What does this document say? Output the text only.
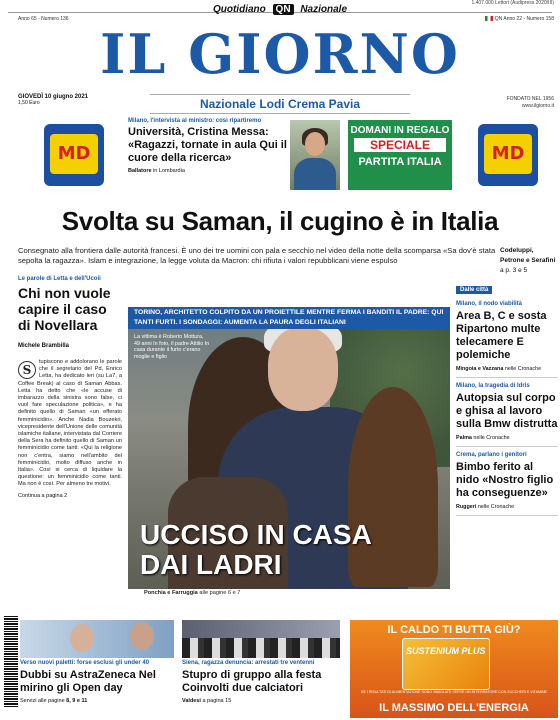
Quotidiano QN Nazionale
1.407.000 Lettori (Audipress 2020/III)
Anno 65 - Numero 136	QN Anno 22 - Numero 158
IL GIORNO
GIOVEDÌ 10 giugno 2021
1,50 Euro	Nazionale Lodi Crema Pavia	FONDATO NEL 1956
www.ilgiorno.it
MD	MD
Milano, l'intervista al ministro: così ripartiremo
Università, Cristina Messa: «Ragazzi, tornate in aula Qui il cuore della ricerca»
Ballatore in Lombardia
DOMANI IN REGALO
SPECIALE
PARTITA ITALIA
Svolta su Saman, il cugino è in Italia
Consegnato alla frontiera dalle autorità francesi. È uno dei tre uomini con pala e secchio nel video della notte della scomparsa «Sa dov'è stata sepolta la ragazza». Islam e integrazione, la legge voluta da Macron: chi rifiuta i valori repubblicani viene espulso
Codeluppi, Petrone e Serafini a p. 3 e 5
Le parole di Letta e dell'Ucoii
Chi non vuole capire il caso di Novellara
Michele Brambilla
S
tupiscono e addolorano le parole che il segretario del Pd, Enrico Letta, ha dedicato ieri (su La7, a Coffee Break) al caso di Saman Abbas. Letta ha detto che «le accuse di imbarazzo della sinistra sono false, ci vuol fare speculazione politica», e ha definito quello di Saman «un efferato femminicidio». Anche Nadia Bouzekri, vicepresidente dell'Unione delle comunità islamiche italiane, intervistata dal Corriere della Sera ha definito quello di Saman un femminicidio come tanti: «Qui la religione non c'entra, siamo nell'ambito del femminicidio, molto diffuso anche in Italia». Così si cerca di liquidare la questione: un femminicidio come tanti. Ma non è così. Per almeno tre motivi.
Continua a pagina 2
TORINO, ARCHITETTO COLPITO DA UN PROIETTILE MENTRE FERMA I BANDITI IL PADRE: QUI TANTI FURTI. I SONDAGGI: AUMENTA LA PAURA DEGLI ITALIANI
La vittima è Roberto Mottura, 49 anni In foto, il padre Attilio In casa durante il furto c'erano moglie e figlio
UCCISO IN CASA
DAI LADRI
Ponchia e Farruggia alle pagine 6 e 7
Dalle città
Milano, il nodo viabilità
Area B, C e sosta Ripartono multe telecamere E polemiche
Mingoia e Vazzana nelle Cronache
Milano, la tragedia di Idris
Autopsia sul corpo e ghisa al lavoro sulla Bmw distrutta
Palma nelle Cronache
Crema, parlano i genitori
Bimbo ferito al nido «Nostro figlio ha conseguenze»
Ruggeri nelle Cronache
Verso nuovi paletti: forse esclusi gli under 40
Dubbi su AstraZeneca Nel mirino gli Open day
Servizi alle pagine 8, 9 e 11
Siena, ragazza denuncia: arrestati tre ventenni
Stupro di gruppo alla festa Coinvolti due calciatori
Valdesi a pagina 15
IL CALDO TI BUTTA GIÙ?
SUSTENIUM PLUS
SE I RISULTATI DI ALIMENTAZIONE SONO SBAGLIATI SERVE UN INTEGRATORE CON ZUCCHERI E VITAMINE
IL MASSIMO DELL'ENERGIA
